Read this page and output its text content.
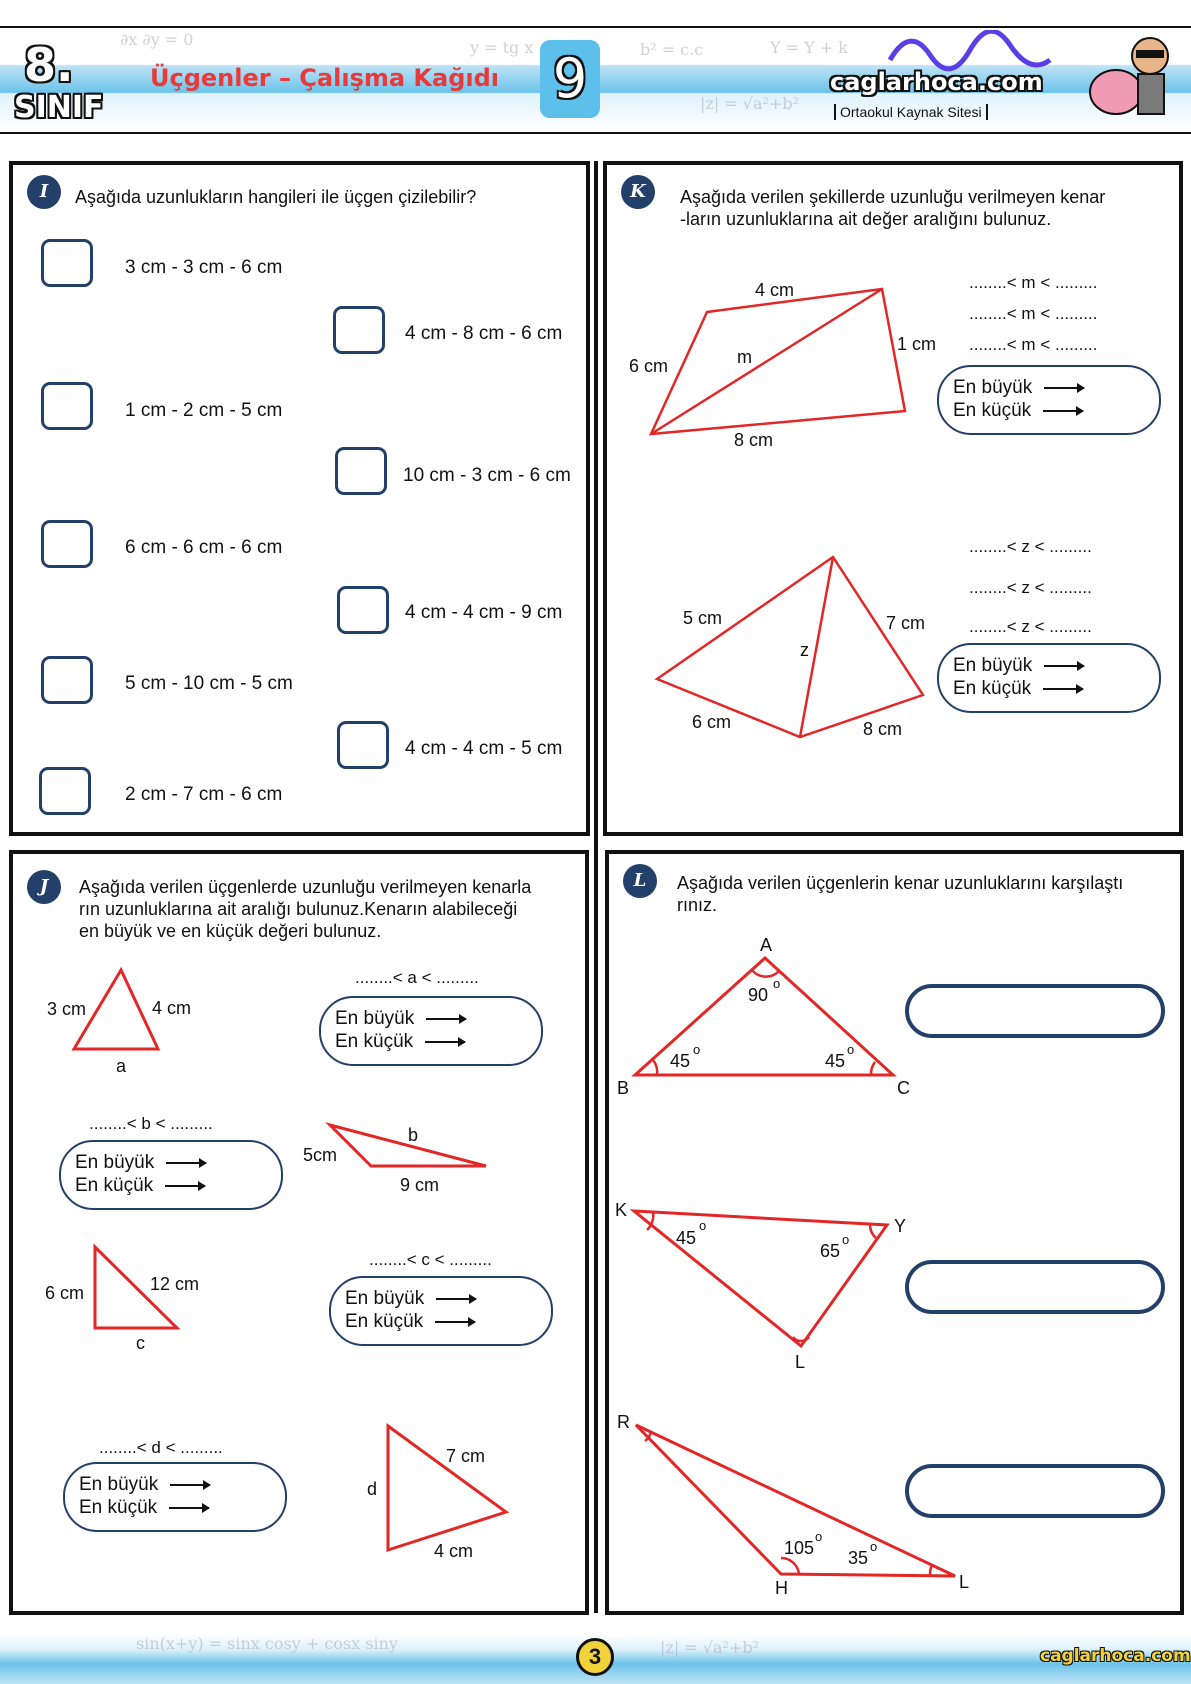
∂x ∂y = 0	y = tg x	b² = c.c
|z| = √a²+b²
Y = Y + k
8.
SINIF
Üçgenler – Çalışma Kağıdı 9	caglarhoca.com
Ortaokul Kaynak Sitesi
I	Aşağıda uzunlukların hangileri ile üçgen çizilebilir?
3 cm - 3 cm - 6 cm
4 cm - 8 cm - 6 cm
1 cm - 2 cm - 5 cm
10 cm - 3 cm - 6 cm
6 cm - 6 cm - 6 cm
4 cm - 4 cm - 9 cm
5 cm - 10 cm - 5 cm
4 cm - 4 cm - 5 cm
2 cm - 7 cm - 6 cm
K	Aşağıda verilen şekillerde uzunluğu verilmeyen kenar
-ların uzunluklarına ait değer aralığını bulunuz.
4 cm
6 cm
1 cm
8 cm
m
5 cm	7 cm
6 cm	8 cm
z
........< m < .........
........< m < .........
........< m < .........
En büyük
En küçük
........< z < .........
........< z < .........
........< z < .........
En büyük
En küçük
J	Aşağıda verilen üçgenlerde uzunluğu verilmeyen kenarla
rın uzunluklarına ait aralığı bulunuz.Kenarın alabileceği
en büyük ve en küçük değeri bulunuz.
3 cm	4 cm
a
5cm
b
9 cm
6 cm	12 cm
c
d
7 cm
4 cm
........< a < .........
En büyük
En küçük
........< b < .........
En büyük
En küçük
........< c < .........
En büyük
En küçük
........< d < .........
En büyük
En küçük
L	Aşağıda verilen üçgenlerin kenar uzunluklarını karşılaştı
rınız.
A
B	C
90
o
45
o
45
o
K
Y
L
45
o
65
o
R
H	L
105
o
35
o
sin(x+y) = sinx cosy + cosx siny	|z| = √a²+b²
3	caglarhoca.com
